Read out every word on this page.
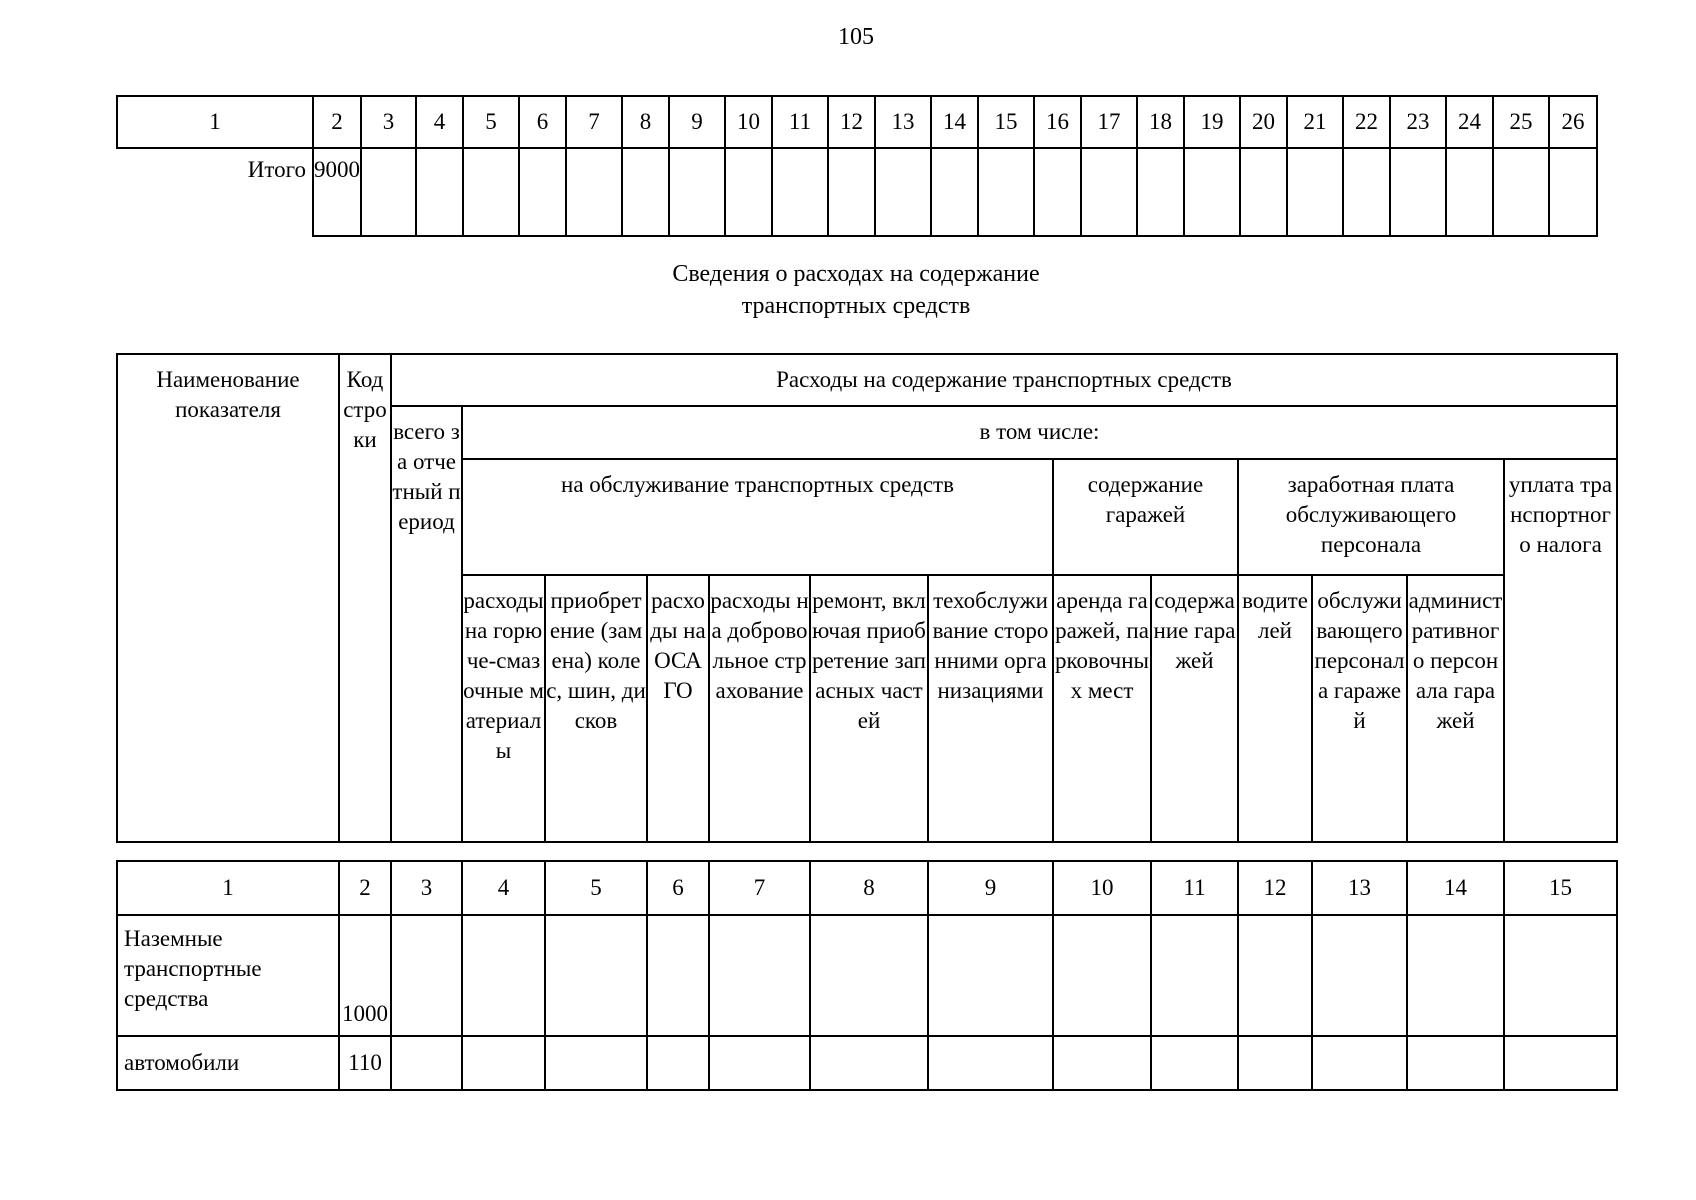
105
1	2	3	4	5	6	7	8	9	10	11	12	13	14	15	16	17	18	19	20	21	22	23	24	25	26
Итого	9000																								
Сведения о расходах на содержание
транспортных средств
Наименование показателя	Код строки	Расходы на содержание транспортных средств												
		всего за отчетный период	в том числе:											
			на обслуживание транспортных средств						содержание гаражей		заработная плата обслуживающего персонала			уплата транспортного налога
			расходы на горюче-смазочные материалы	приобретение (замена) колес, шин, дисков	расходы на ОСАГО	расходы на добровольное страхование	ремонт, включая приобретение запасных частей	техобслуживание сторонними организациями	аренда гаражей, парковочных мест	содержание гаражей	водителей	обслуживающего персонала гаражей	административного персонала гаражей	
1	2	3	4	5	6	7	8	9	10	11	12	13	14	15
Наземные транспортные средства	1000													
автомобили	110													
